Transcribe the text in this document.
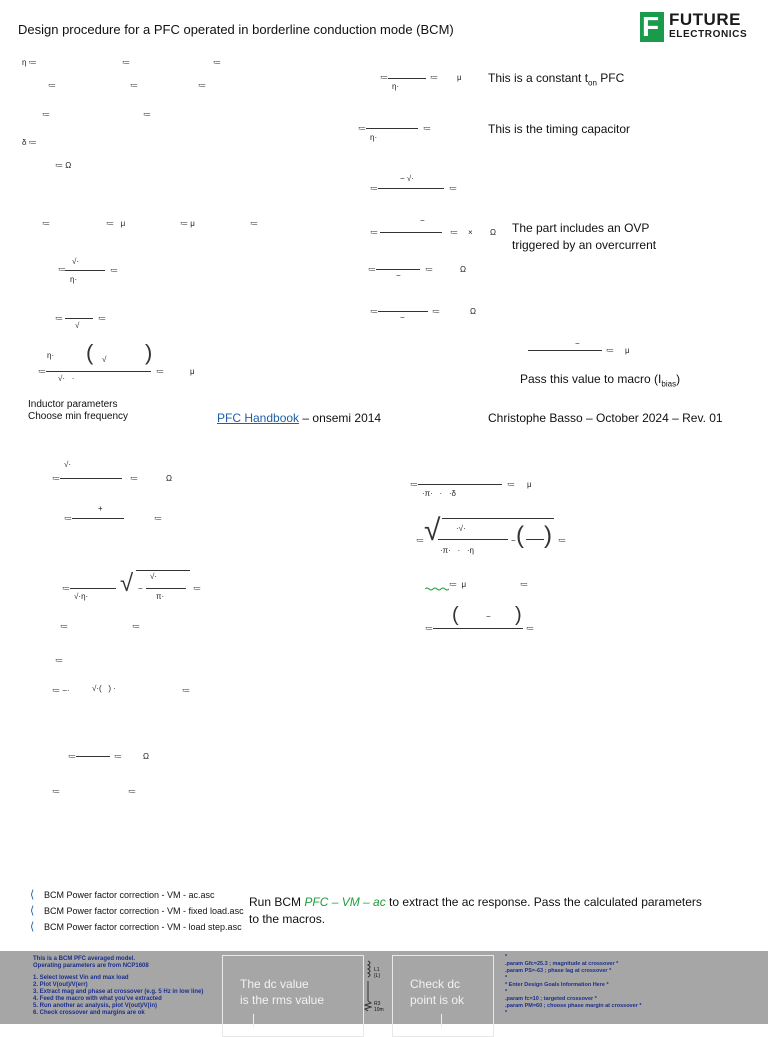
Design procedure for a PFC operated in borderline conduction mode (BCM)	F FUTURE
ELECTRONICS
η ≔	≔	≔
≔	≔	≔
≔	≔
δ ≔
≔ Ω
≔	≔   μ	≔ μ	≔
≔
√·
η·
≔
≔
√
≔
η· ( )
√
≔
√·   ·
≔	μ
≔
η·
≔ μ This is a constant $t_{on}$ PFC
≔
η·
≔	This is the timing capacitor
− √·
≔	≔
−
≔	≔ × Ω The part includes an OVP
triggered by an overcurrent
≔
−
≔	Ω
≔
−
≔	Ω
−
≔ μ
Pass this value to macro $(I_{bias})$
Inductor parameters
Choose min frequency	PFC Handbook – onsemi 2014	Christophe Basso – October 2024 – Rev. 01
√·
≔	≔	Ω
+
≔	≔
≔
√·η· √ −
√·
π·
≔
≔	≔
≔
≔ −·	√·(   ) ·	≔
≔	≔	Ω
≔	≔
≔
·π·   ·   ·δ
≔ μ
≔ √ ·√·
·π·   ·   ·η
− ( ) ≔
≔  μ	≔
≔
(	− )
≔
⟨	BCM Power factor correction - VM - ac.asc
⟨	BCM Power factor correction - VM - fixed load.asc
⟨	BCM Power factor correction - VM - load step.asc
Run BCM PFC – VM – ac to extract the ac response. Pass the calculated parameters
to the macros.
This is a BCM PFC averaged model.
Operating parameters are from NCP1608
1. Select lowest Vin and max load
2. Plot V(out)/V(err)
3. Extract mag and phase at crossover (e.g. 5 Hz in low line)
4. Feed the macro with what you've extracted
5. Run another ac analysis, plot V(out)/V(in)
6. Check crossover and margins are ok
The dc value
is the rms value
L1
{L}
R3
10m
Check dc
point is ok
*
.param Gfc=25.3 ; magnitude at crossover *
.param PS=-63 ; phase lag at crossover *
*
* Enter Design Goals Information Here *
*
.param fc=10 ; targeted crossover *
.param PM=60 ; choose phase margin at crossover *
*
